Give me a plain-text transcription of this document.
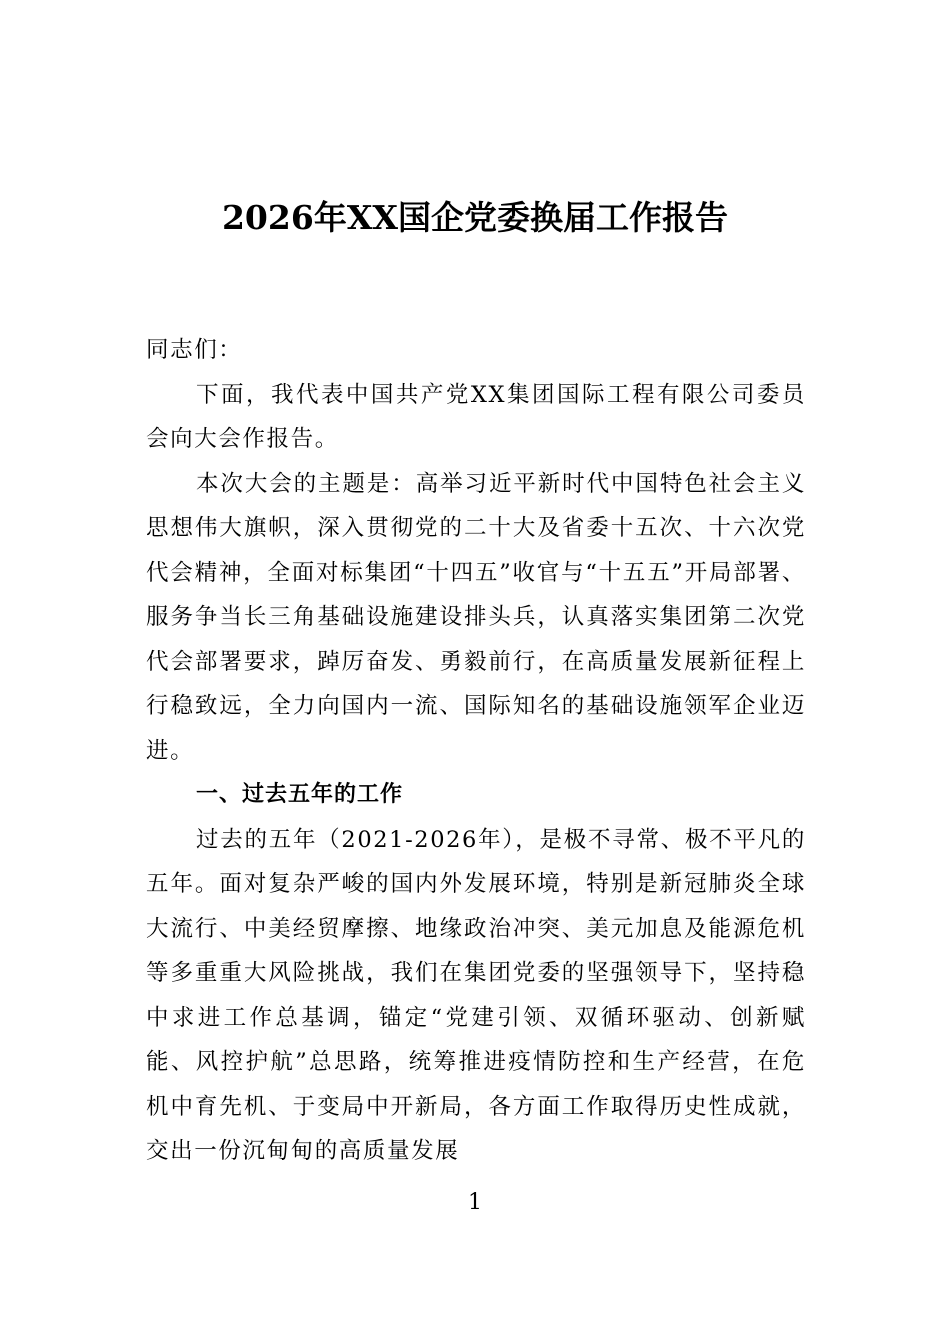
2026年XX国企党委换届工作报告

同志们：

下面，我代表中国共产党XX集团国际工程有限公司委员会向大会作报告。

本次大会的主题是：高举习近平新时代中国特色社会主义思想伟大旗帜，深入贯彻党的二十大及省委十五次、十六次党代会精神，全面对标集团“十四五”收官与“十五五”开局部署、服务争当长三角基础设施建设排头兵，认真落实集团第二次党代会部署要求，踔厉奋发、勇毅前行，在高质量发展新征程上行稳致远，全力向国内一流、国际知名的基础设施领军企业迈进。

一、过去五年的工作

过去的五年（2021-2026年），是极不寻常、极不平凡的五年。面对复杂严峻的国内外发展环境，特别是新冠肺炎全球大流行、中美经贸摩擦、地缘政治冲突、美元加息及能源危机等多重重大风险挑战，我们在集团党委的坚强领导下，坚持稳中求进工作总基调，锚定“党建引领、双循环驱动、创新赋能、风控护航”总思路，统筹推进疫情防控和生产经营，在危机中育先机、于变局中开新局，各方面工作取得历史性成就，交出一份沉甸甸的高质量发展

1
